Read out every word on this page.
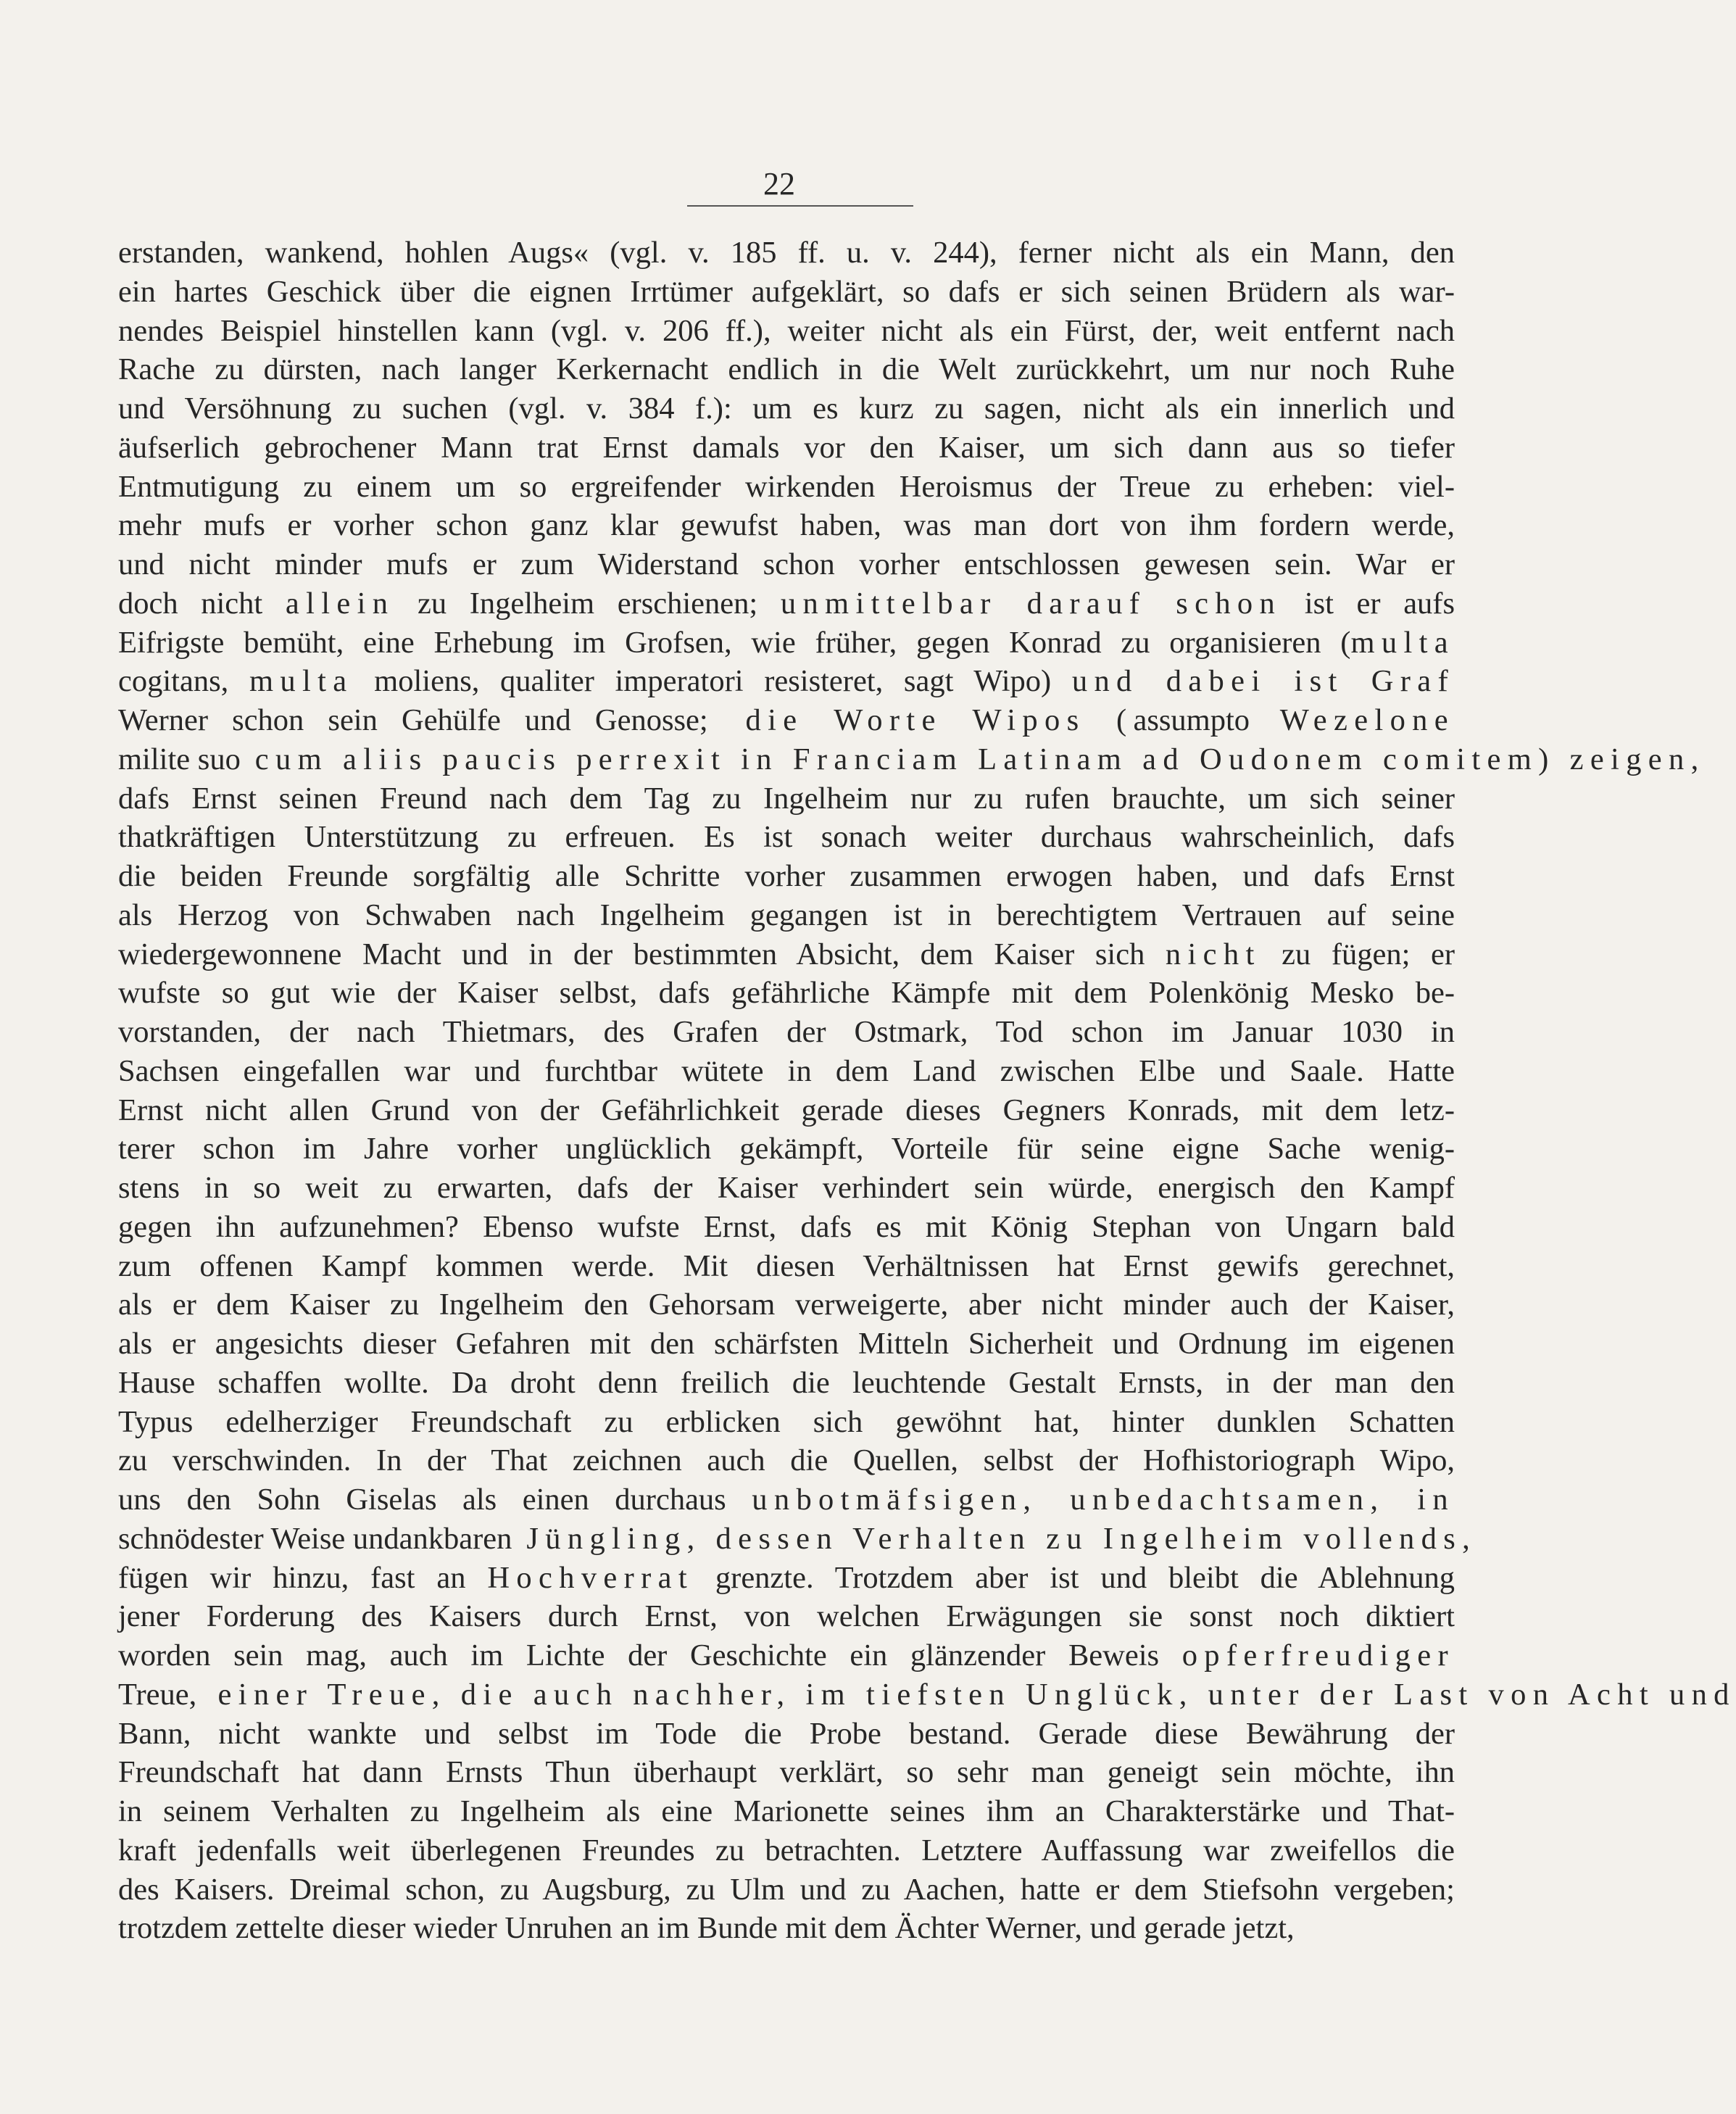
22
erstanden, wankend, hohlen Augs« (vgl. v. 185 ff. u. v. 244), ferner nicht als ein Mann, den
ein hartes Geschick über die eignen Irrtümer aufgeklärt, so dafs er sich seinen Brüdern als war-
nendes Beispiel hinstellen kann (vgl. v. 206 ff.), weiter nicht als ein Fürst, der, weit entfernt nach
Rache zu dürsten, nach langer Kerkernacht endlich in die Welt zurückkehrt, um nur noch Ruhe
und Versöhnung zu suchen (vgl. v. 384 f.): um es kurz zu sagen, nicht als ein innerlich und
äufserlich gebrochener Mann trat Ernst damals vor den Kaiser, um sich dann aus so tiefer
Entmutigung zu einem um so ergreifender wirkenden Heroismus der Treue zu erheben: viel-
mehr mufs er vorher schon ganz klar gewufst haben, was man dort von ihm fordern werde,
und nicht minder mufs er zum Widerstand schon vorher entschlossen gewesen sein. War er
doch nicht allein zu Ingelheim erschienen; unmittelbar darauf schon ist er aufs
Eifrigste bemüht, eine Erhebung im Grofsen, wie früher, gegen Konrad zu organisieren (multa
cogitans, multa moliens, qualiter imperatori resisteret, sagt Wipo) und dabei ist Graf
Werner schon sein Gehülfe und Genosse; die Worte Wipos (assumpto Wezelone
milite suo cum aliis paucis perrexit in Franciam Latinam ad Oudonem comitem) zeigen,
dafs Ernst seinen Freund nach dem Tag zu Ingelheim nur zu rufen brauchte, um sich seiner
thatkräftigen Unterstützung zu erfreuen. Es ist sonach weiter durchaus wahrscheinlich, dafs
die beiden Freunde sorgfältig alle Schritte vorher zusammen erwogen haben, und dafs Ernst
als Herzog von Schwaben nach Ingelheim gegangen ist in berechtigtem Vertrauen auf seine
wiedergewonnene Macht und in der bestimmten Absicht, dem Kaiser sich nicht zu fügen; er
wufste so gut wie der Kaiser selbst, dafs gefährliche Kämpfe mit dem Polenkönig Mesko be-
vorstanden, der nach Thietmars, des Grafen der Ostmark, Tod schon im Januar 1030 in
Sachsen eingefallen war und furchtbar wütete in dem Land zwischen Elbe und Saale. Hatte
Ernst nicht allen Grund von der Gefährlichkeit gerade dieses Gegners Konrads, mit dem letz-
terer schon im Jahre vorher unglücklich gekämpft, Vorteile für seine eigne Sache wenig-
stens in so weit zu erwarten, dafs der Kaiser verhindert sein würde, energisch den Kampf
gegen ihn aufzunehmen? Ebenso wufste Ernst, dafs es mit König Stephan von Ungarn bald
zum offenen Kampf kommen werde. Mit diesen Verhältnissen hat Ernst gewifs gerechnet,
als er dem Kaiser zu Ingelheim den Gehorsam verweigerte, aber nicht minder auch der Kaiser,
als er angesichts dieser Gefahren mit den schärfsten Mitteln Sicherheit und Ordnung im eigenen
Hause schaffen wollte. Da droht denn freilich die leuchtende Gestalt Ernsts, in der man den
Typus edelherziger Freundschaft zu erblicken sich gewöhnt hat, hinter dunklen Schatten
zu verschwinden. In der That zeichnen auch die Quellen, selbst der Hofhistoriograph Wipo,
uns den Sohn Giselas als einen durchaus unbotmäfsigen, unbedachtsamen, in
schnödester Weise undankbaren Jüngling, dessen Verhalten zu Ingelheim vollends,
fügen wir hinzu, fast an Hochverrat grenzte. Trotzdem aber ist und bleibt die Ablehnung
jener Forderung des Kaisers durch Ernst, von welchen Erwägungen sie sonst noch diktiert
worden sein mag, auch im Lichte der Geschichte ein glänzender Beweis opferfreudiger
Treue, einer Treue, die auch nachher, im tiefsten Unglück, unter der Last von Acht und
Bann, nicht wankte und selbst im Tode die Probe bestand. Gerade diese Bewährung der
Freundschaft hat dann Ernsts Thun überhaupt verklärt, so sehr man geneigt sein möchte, ihn
in seinem Verhalten zu Ingelheim als eine Marionette seines ihm an Charakterstärke und That-
kraft jedenfalls weit überlegenen Freundes zu betrachten. Letztere Auffassung war zweifellos die
des Kaisers. Dreimal schon, zu Augsburg, zu Ulm und zu Aachen, hatte er dem Stiefsohn vergeben;
trotzdem zettelte dieser wieder Unruhen an im Bunde mit dem Ächter Werner, und gerade jetzt,
